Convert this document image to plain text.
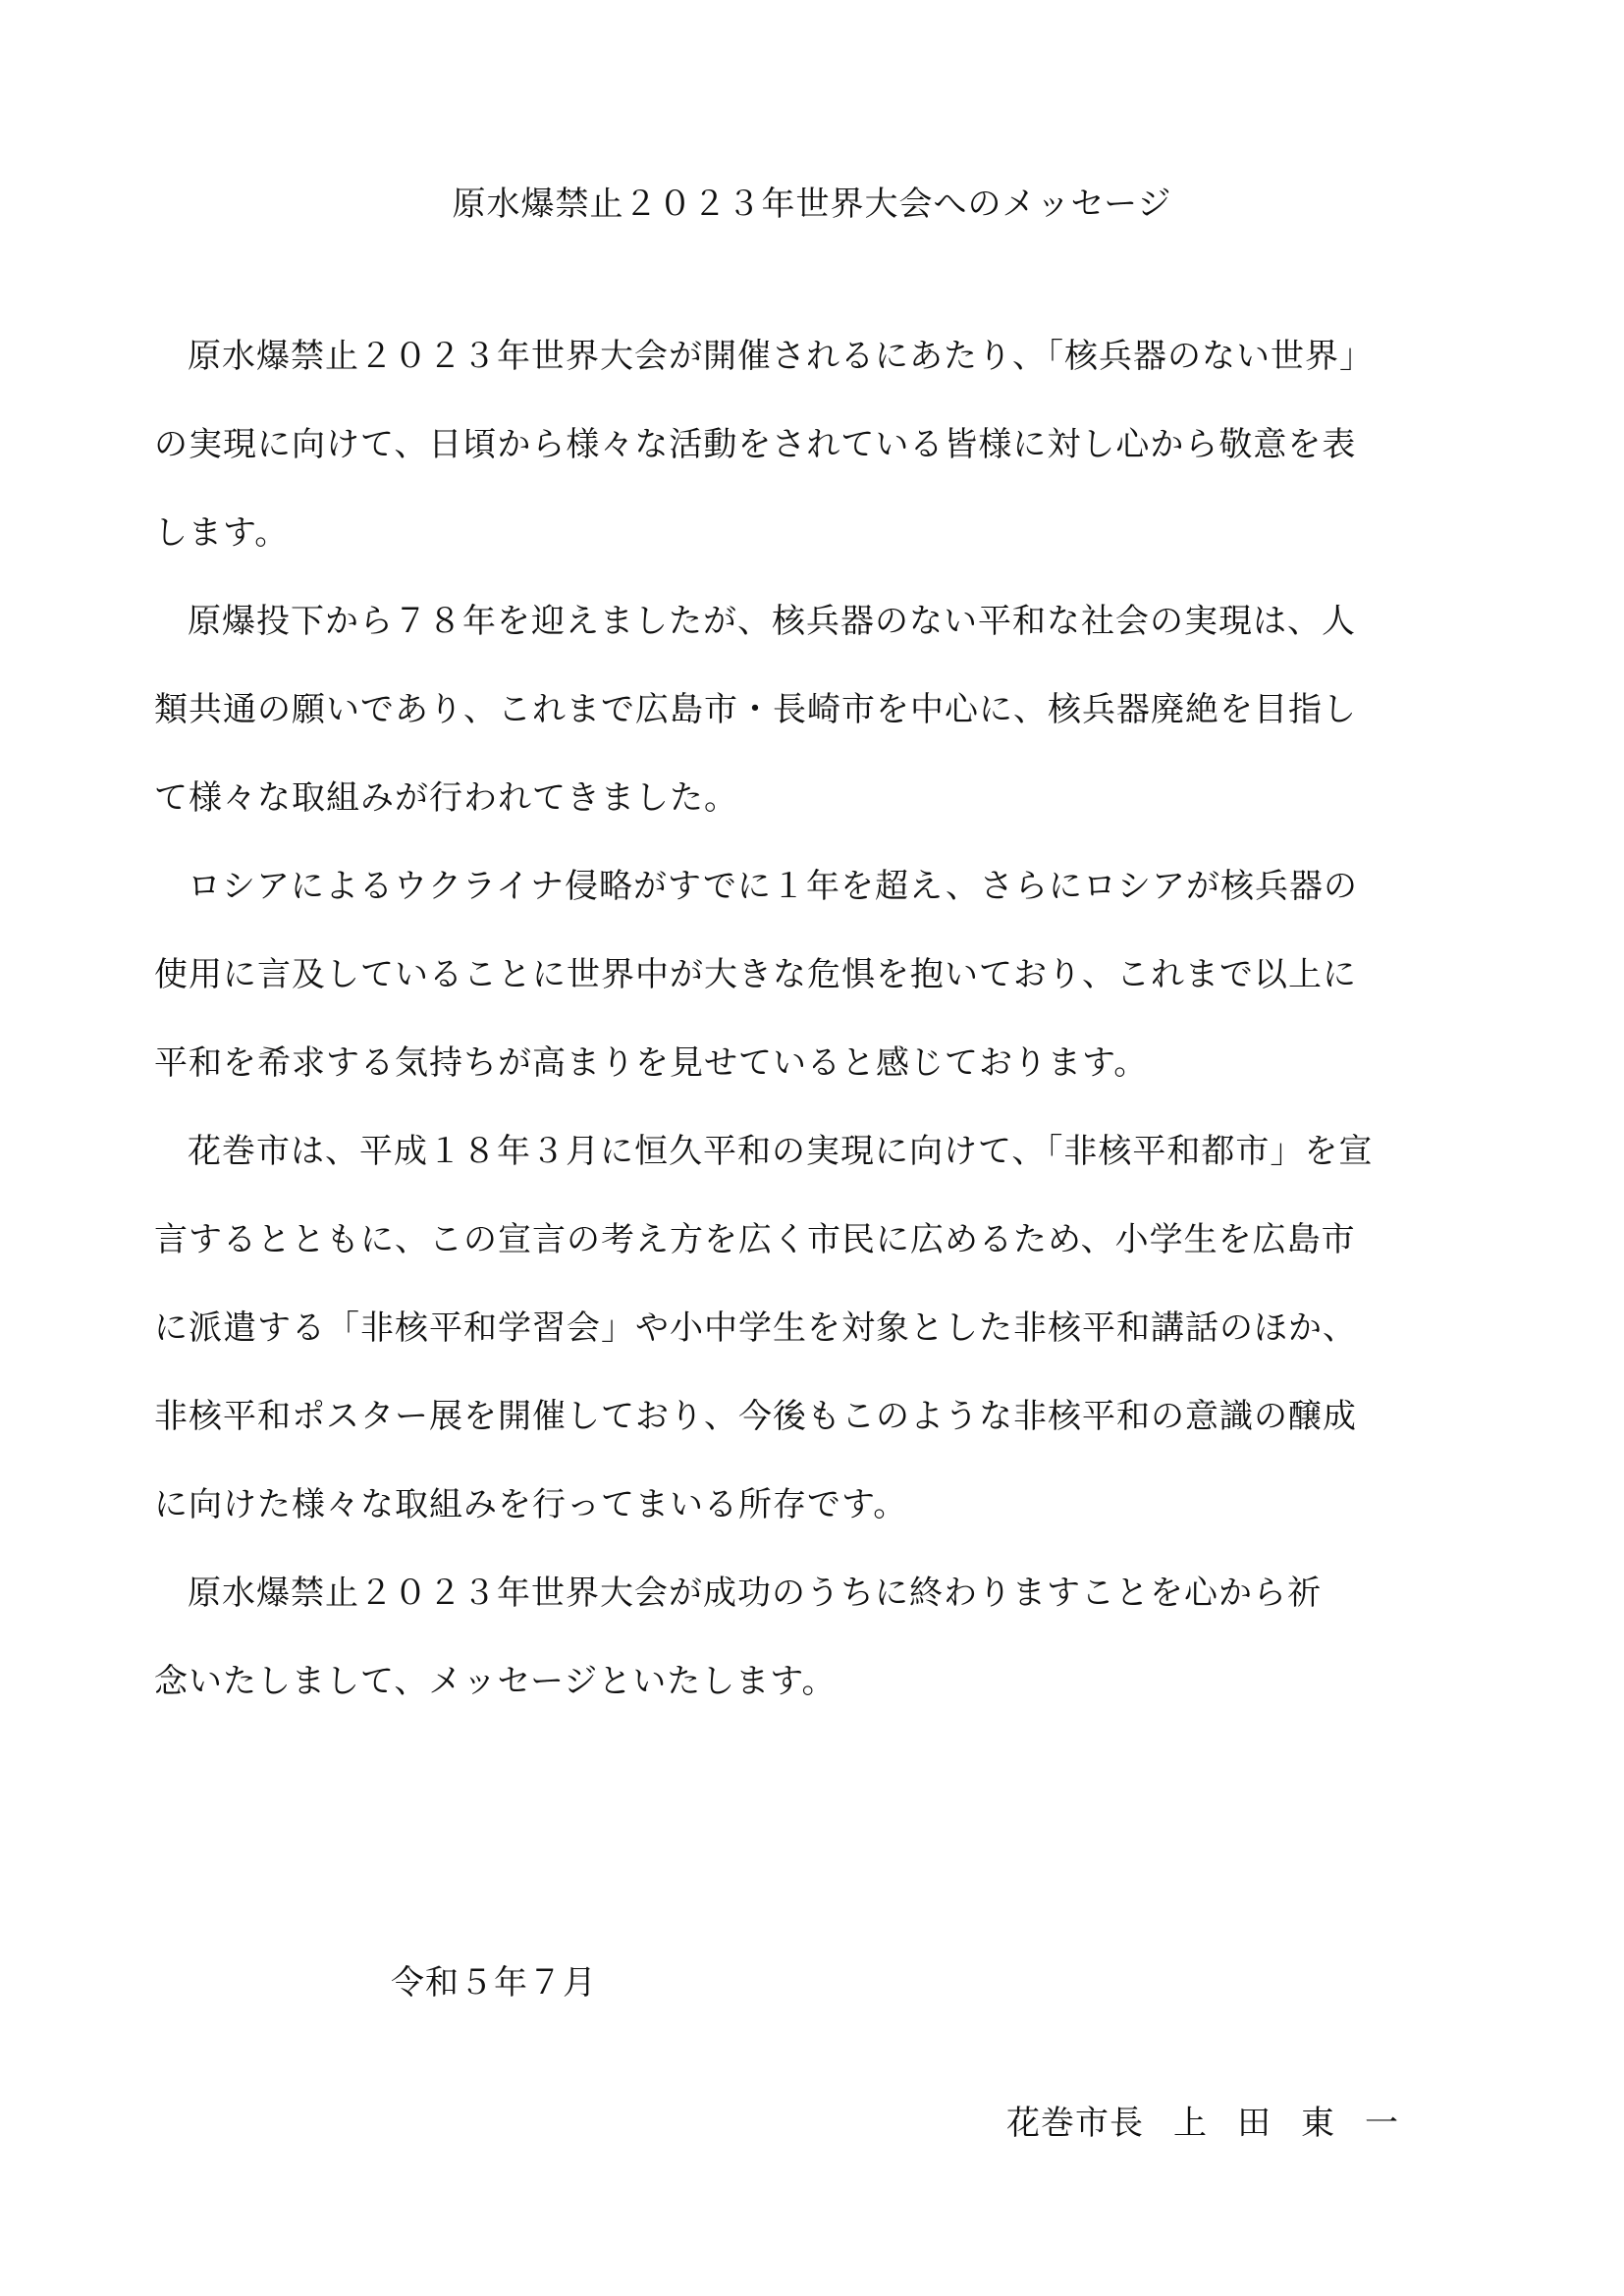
原水爆禁止２０２３年世界大会へのメッセージ

原水爆禁止２０２３年世界大会が開催されるにあたり、「核兵器のない世界」
の実現に向けて、日頃から様々な活動をされている皆様に対し心から敬意を表
します。

原爆投下から７８年を迎えましたが、核兵器のない平和な社会の実現は、人
類共通の願いであり、これまで広島市・長崎市を中心に、核兵器廃絶を目指し
て様々な取組みが行われてきました。

ロシアによるウクライナ侵略がすでに１年を超え、さらにロシアが核兵器の
使用に言及していることに世界中が大きな危惧を抱いており、これまで以上に
平和を希求する気持ちが高まりを見せていると感じております。

花巻市は、平成１８年３月に恒久平和の実現に向けて、「非核平和都市」を宣
言するとともに、この宣言の考え方を広く市民に広めるため、小学生を広島市
に派遣する「非核平和学習会」や小中学生を対象とした非核平和講話のほか、
非核平和ポスター展を開催しており、今後もこのような非核平和の意識の醸成
に向けた様々な取組みを行ってまいる所存です。

原水爆禁止２０２３年世界大会が成功のうちに終わりますことを心から祈
念いたしまして、メッセージといたします。

令和５年７月
花巻市長 上田東一
